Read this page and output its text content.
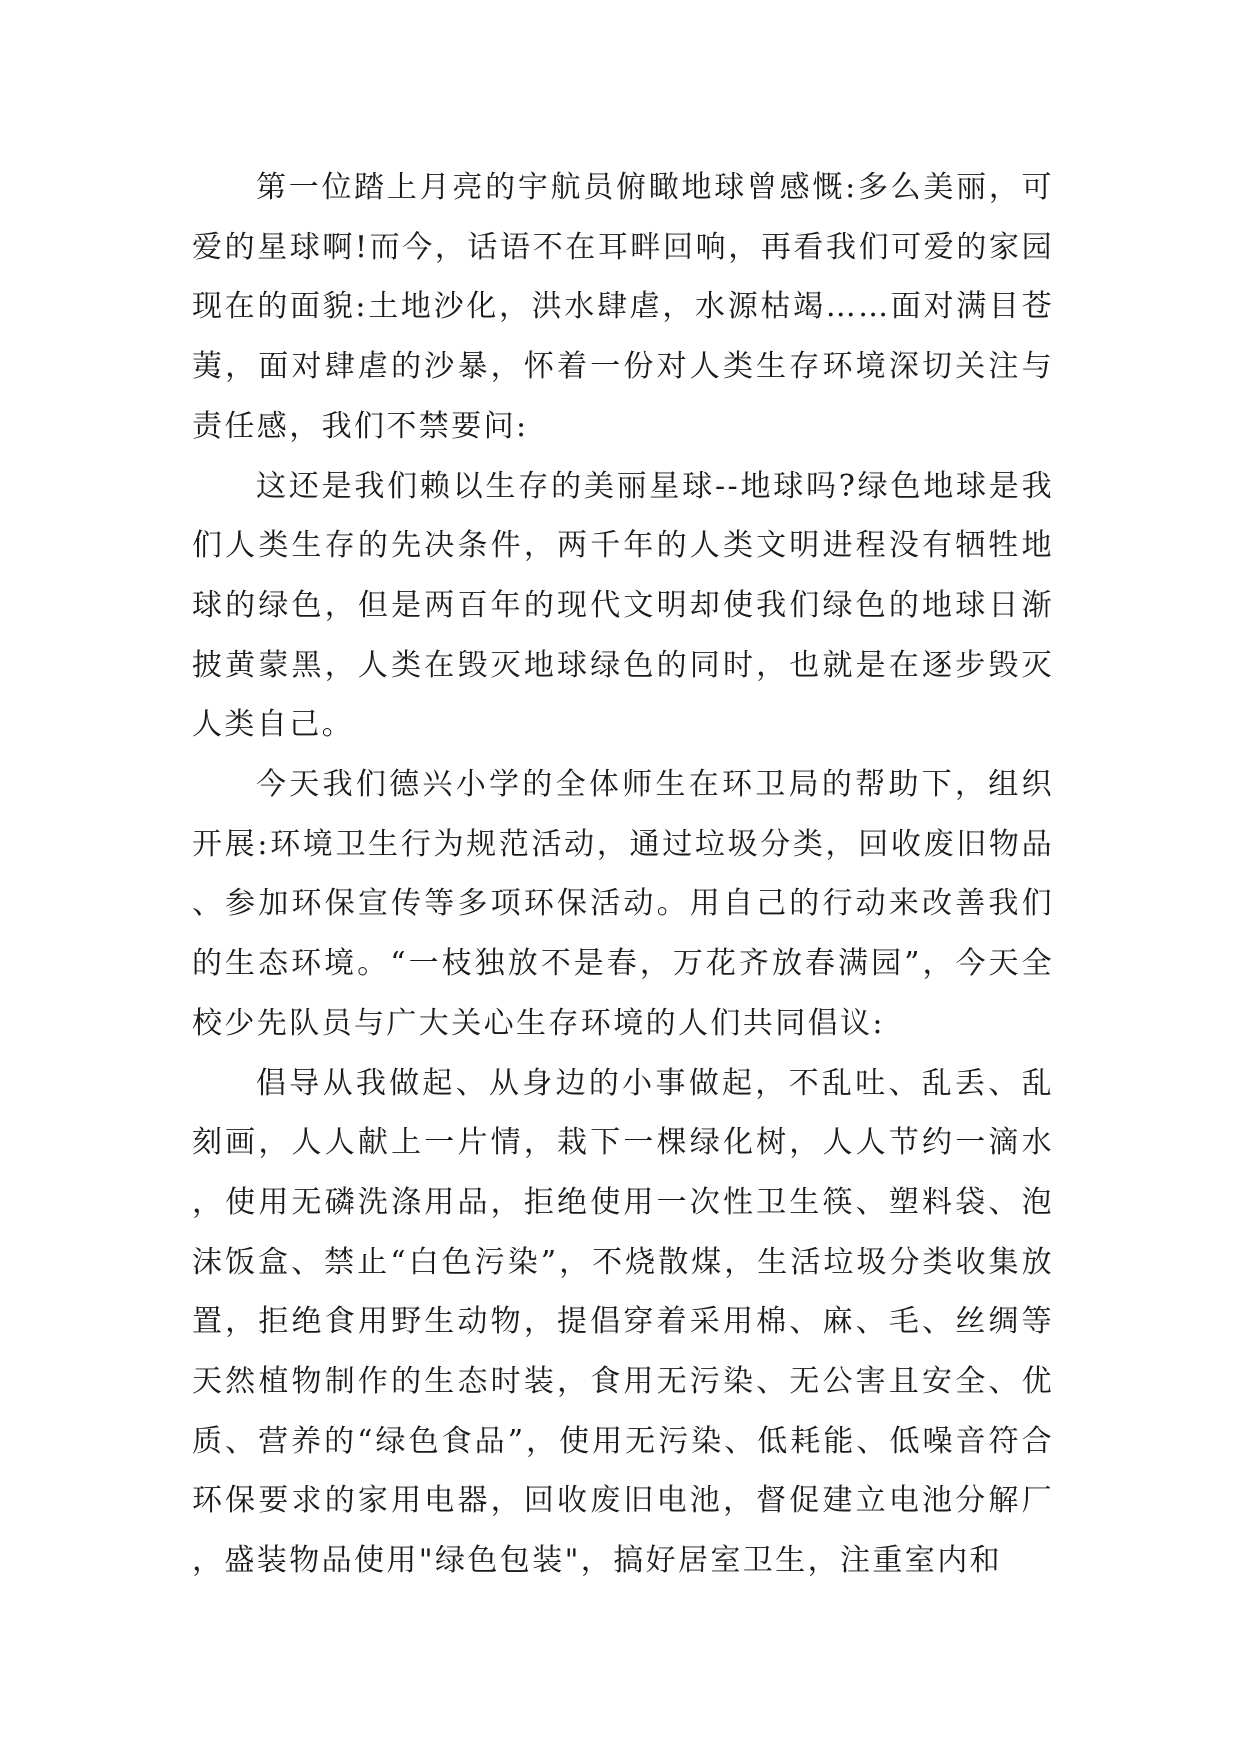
第一位踏上月亮的宇航员俯瞰地球曾感慨:多么美丽，可爱的星球啊!而今，话语不在耳畔回响，再看我们可爱的家园现在的面貌:土地沙化，洪水肆虐，水源枯竭……面对满目苍荑，面对肆虐的沙暴，怀着一份对人类生存环境深切关注与责任感，我们不禁要问:

这还是我们赖以生存的美丽星球--地球吗?绿色地球是我们人类生存的先决条件，两千年的人类文明进程没有牺牲地球的绿色，但是两百年的现代文明却使我们绿色的地球日渐披黄蒙黑，人类在毁灭地球绿色的同时，也就是在逐步毁灭人类自己。

今天我们德兴小学的全体师生在环卫局的帮助下，组织开展:环境卫生行为规范活动，通过垃圾分类，回收废旧物品、参加环保宣传等多项环保活动。用自己的行动来改善我们的生态环境。“一枝独放不是春，万花齐放春满园”，今天全校少先队员与广大关心生存环境的人们共同倡议:

倡导从我做起、从身边的小事做起，不乱吐、乱丢、乱刻画，人人献上一片情，栽下一棵绿化树，人人节约一滴水，使用无磷洗涤用品，拒绝使用一次性卫生筷、塑料袋、泡沫饭盒、禁止“白色污染”，不烧散煤，生活垃圾分类收集放置，拒绝食用野生动物，提倡穿着采用棉、麻、毛、丝绸等天然植物制作的生态时装，食用无污染、无公害且安全、优质、营养的“绿色食品”，使用无污染、低耗能、低噪音符合环保要求的家用电器，回收废旧电池，督促建立电池分解厂，盛装物品使用"绿色包装"，搞好居室卫生，注重室内和
